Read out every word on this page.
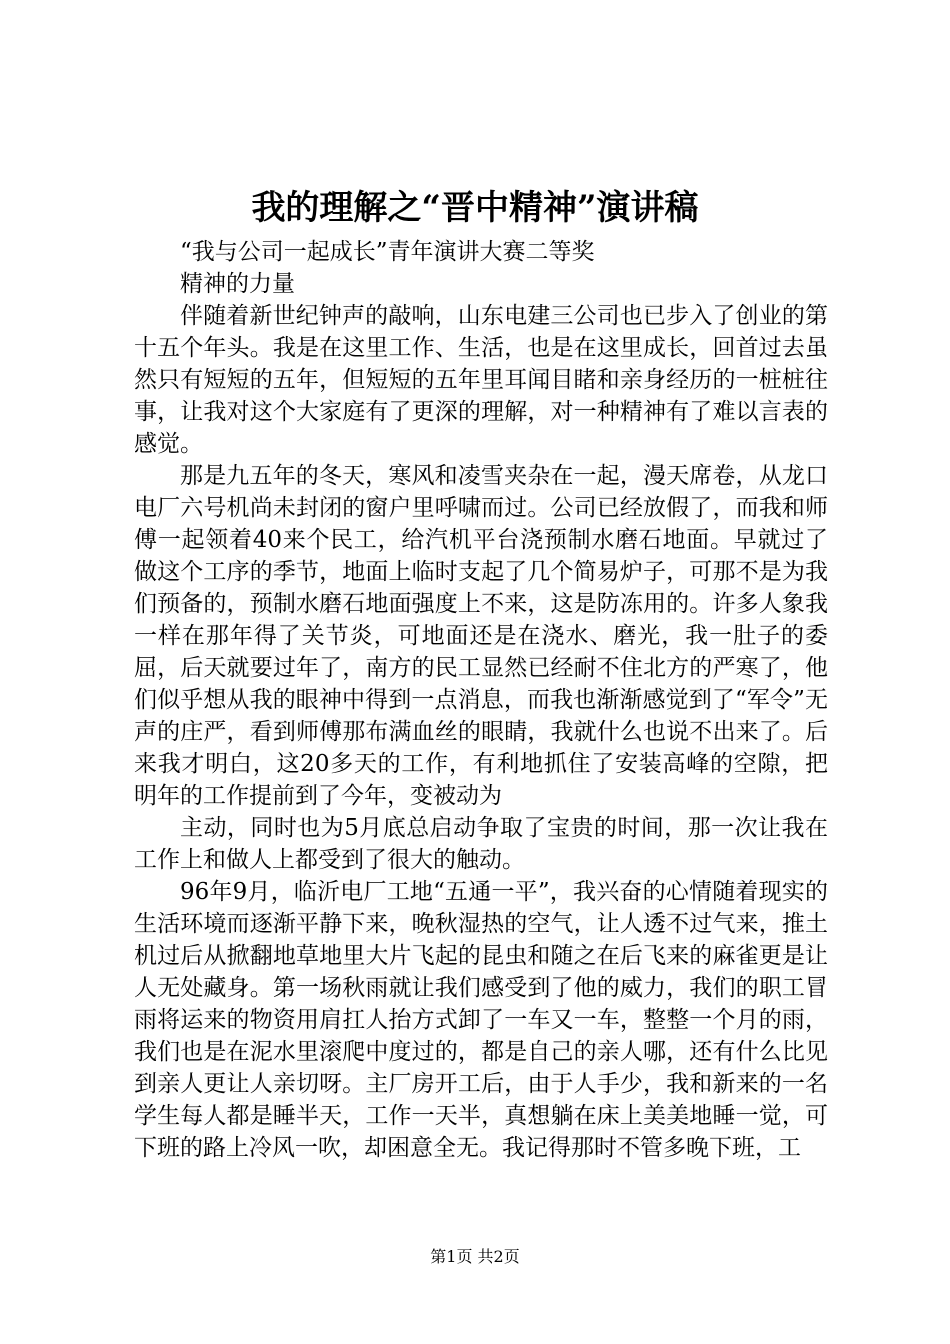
我的理解之“晋中精神”演讲稿

“我与公司一起成长”青年演讲大赛二等奖

精神的力量

伴随着新世纪钟声的敲响，山东电建三公司也已步入了创业的第十五个年头。我是在这里工作、生活，也是在这里成长，回首过去虽然只有短短的五年，但短短的五年里耳闻目睹和亲身经历的一桩桩往事，让我对这个大家庭有了更深的理解，对一种精神有了难以言表的感觉。

那是九五年的冬天，寒风和凌雪夹杂在一起，漫天席卷，从龙口电厂六号机尚未封闭的窗户里呼啸而过。公司已经放假了，而我和师傅一起领着40来个民工，给汽机平台浇预制水磨石地面。早就过了做这个工序的季节，地面上临时支起了几个简易炉子，可那不是为我们预备的，预制水磨石地面强度上不来，这是防冻用的。许多人象我一样在那年得了关节炎，可地面还是在浇水、磨光，我一肚子的委屈，后天就要过年了，南方的民工显然已经耐不住北方的严寒了，他们似乎想从我的眼神中得到一点消息，而我也渐渐感觉到了“军令”无声的庄严，看到师傅那布满血丝的眼睛，我就什么也说不出来了。后来我才明白，这20多天的工作，有利地抓住了安装高峰的空隙，把明年的工作提前到了今年，变被动为

主动，同时也为5月底总启动争取了宝贵的时间，那一次让我在工作上和做人上都受到了很大的触动。

96年9月，临沂电厂工地“五通一平”，我兴奋的心情随着现实的生活环境而逐渐平静下来，晚秋湿热的空气，让人透不过气来，推土机过后从掀翻地草地里大片飞起的昆虫和随之在后飞来的麻雀更是让人无处藏身。第一场秋雨就让我们感受到了他的威力，我们的职工冒雨将运来的物资用肩扛人抬方式卸了一车又一车，整整一个月的雨，我们也是在泥水里滚爬中度过的，都是自己的亲人哪，还有什么比见到亲人更让人亲切呀。主厂房开工后，由于人手少，我和新来的一名学生每人都是睡半天，工作一天半，真想躺在床上美美地睡一觉，可下班的路上冷风一吹，却困意全无。我记得那时不管多晚下班，工

第1页 共2页
